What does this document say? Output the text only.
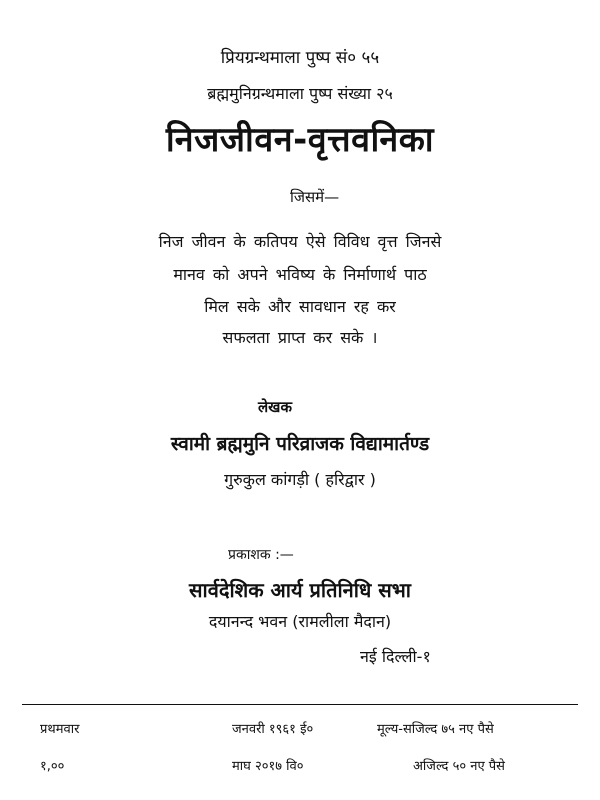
प्रियग्रन्थमाला पुष्प सं० ५५
ब्रह्ममुनिग्रन्थमाला पुष्प संख्या २५
निजजीवन-वृत्तवनिका
जिसमें—
निज जीवन के कतिपय ऐसे विविध वृत्त जिनसे
मानव को अपने भविष्य के निर्माणार्थ पाठ
मिल सके और सावधान रह कर
सफलता प्राप्त कर सके ।
लेखक
स्वामी ब्रह्ममुनि परिव्राजक विद्यामार्तण्ड
गुरुकुल कांगड़ी ( हरिद्वार )
प्रकाशक :—
सार्वदेशिक आर्य प्रतिनिधि सभा
दयानन्द भवन (रामलीला मैदान)
नई दिल्ली-१
प्रथमवार	जनवरी १९६१ ई०	मूल्य-सजिल्द ७५ नए पैसे
१,००	माघ २०१७ वि०	अजिल्द ५० नए पैसे
